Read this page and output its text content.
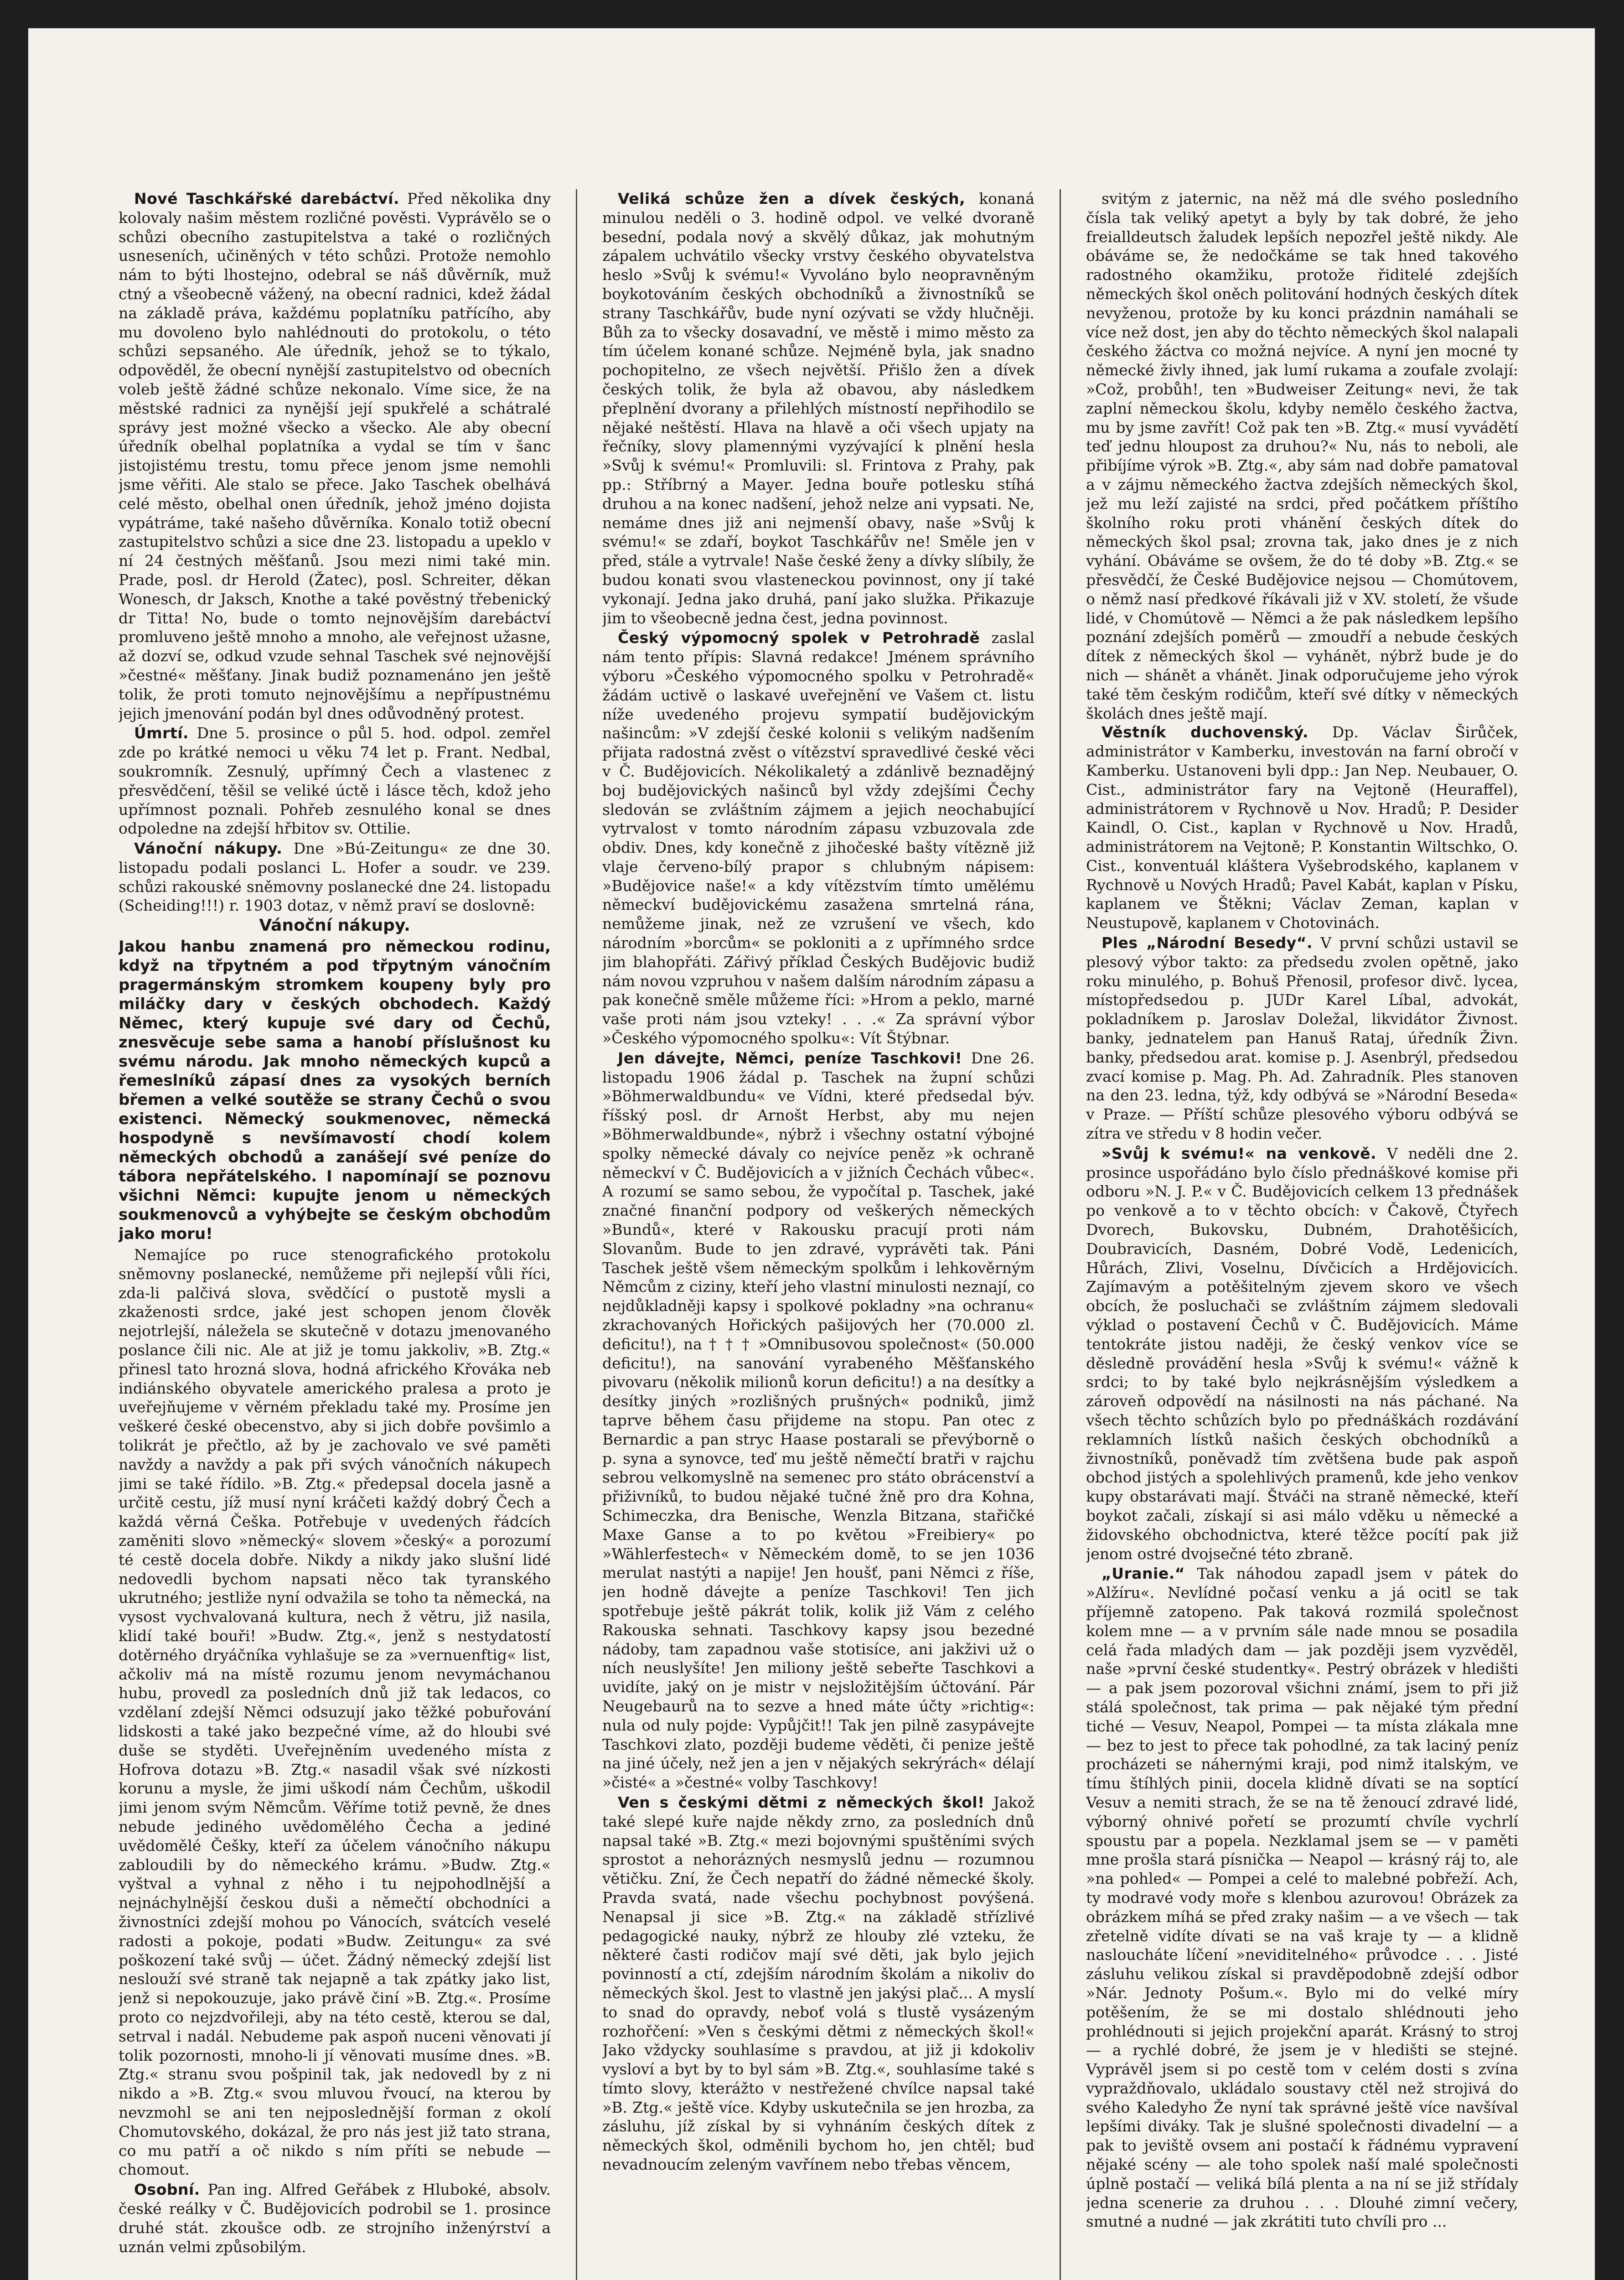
Nové Taschkářské darebáctví. Před několika dny kolovaly našim městem rozličné pověsti. Vyprávělo se o schůzi obecního zastupitelstva a také o rozličných usneseních, učiněných v této schůzi. Protože nemohlo nám to býti lhostejno, odebral se náš důvěrník, muž ctný a všeobecně vážený, na obecní radnici, kdež žádal na základě práva, každému poplatníku patřícího, aby mu dovoleno bylo nahlédnouti do protokolu, o této schůzi sepsaného. Ale úředník, jehož se to týkalo, odpověděl, že obecní nynější zastupitelstvo od obecních voleb ještě žádné schůze nekonalo. Víme sice, že na městské radnici za nynější její spukřelé a schátralé správy jest možné všecko a všecko. Ale aby obecní úředník obelhal poplatníka a vydal se tím v šanc jistojistému trestu, tomu přece jenom jsme nemohli jsme věřiti. Ale stalo se přece. Jako Taschek obelhává celé město, obelhal onen úředník, jehož jméno dojista vypátráme, také našeho důvěrníka. Konalo totiž obecní zastupitelstvo schůzi a sice dne 23. listopadu a upeklo v ní 24 čestných měšťanů. Jsou mezi nimi také min. Prade, posl. dr Herold (Žatec), posl. Schreiter, děkan Wonesch, dr Jaksch, Knothe a také pověstný třebenický dr Titta! No, bude o tomto nejnovějším darebáctví promluveno ještě mnoho a mnoho, ale veřejnost užasne, až dozví se, odkud vzude sehnal Taschek své nejnovější »čestné« měšťany. Jinak budiž poznamenáno jen ještě tolik, že proti tomuto nejnovějšímu a nepřípustnému jejich jmenování podán byl dnes odůvodněný protest.

Úmrtí. Dne 5. prosince o půl 5. hod. odpol. zemřel zde po krátké nemoci u věku 74 let p. Frant. Nedbal, soukromník. Zesnulý, upřímný Čech a vlastenec z přesvědčení, těšil se veliké úctě i lásce těch, kdož jeho upřímnost poznali. Pohřeb zesnulého konal se dnes odpoledne na zdejší hřbitov sv. Ottilie.

Vánoční nákupy. Dne »Bú-Zeitungu« ze dne 30. listopadu podali poslanci L. Hofer a soudr. ve 239. schůzi rakouské sněmovny poslanecké dne 24. listopadu (Scheiding!!!) r. 1903 dotaz, v němž praví se doslovně:

Vánoční nákupy.
Jakou hanbu znamená pro německou rodinu, když na třpytném a pod třpytným vánočním pragermánským stromkem koupeny byly pro miláčky dary v českých obchodech. Každý Němec, který kupuje své dary od Čechů, znesvěcuje sebe sama a hanobí příslušnost ku svému národu. Jak mnoho německých kupců a řemeslníků zápasí dnes za vysokých berních břemen a velké soutěže se strany Čechů o svou existenci. Německý soukmenovec, německá hospodyně s nevšímavostí chodí kolem německých obchodů a zanášejí své peníze do tábora nepřátelského. I napomínají se poznovu všichni Němci: kupujte jenom u německých soukmenovců a vyhýbejte se českým obchodům jako moru!

Nemajíce po ruce stenografického protokolu sněmovny poslanecké, nemůžeme při nejlepší vůli říci, zda-li palčivá slova, svědčící o pustotě mysli a zkaženosti srdce, jaké jest schopen jenom člověk nejotrlejší, náležela se skutečně v dotazu jmenovaného poslance čili nic. Ale at již je tomu jakkoliv, »B. Ztg.« přinesl tato hrozná slova, hodná afrického Křováka neb indiánského obyvatele amerického pralesa a proto je uveřejňujeme v věrném překladu také my. Prosíme jen veškeré české obecenstvo, aby si jich dobře povšimlo a tolikrát je přečtlo, až by je zachovalo ve své paměti navždy a navždy a pak při svých vánočních nákupech jimi se také řídilo. »B. Ztg.« předepsal docela jasně a určitě cestu, jíž musí nyní kráčeti každý dobrý Čech a každá věrná Češka. Potřebuje v uvedených řádcích zaměniti slovo »německý« slovem »český« a porozumí té cestě docela dobře. Nikdy a nikdy jako slušní lidé nedovedli bychom napsati něco tak tyranského ukrutného; jestliže nyní odvažila se toho ta německá, na vysost vychvalovaná kultura, nech ž větru, již nasila, klidí také bouři! »Budw. Ztg.«, jenž s nestydatostí dotěrného dryáčníka vyhlašuje se za »vernuenftig« list, ačkoliv má na místě rozumu jenom nevymáchanou hubu, provedl za posledních dnů již tak ledacos, co vzdělaní zdejší Němci odsuzují jako těžké pobuřování lidskosti a také jako bezpečné víme, až do hloubi své duše se styděti. Uveřejněním uvedeného místa z Hofrova dotazu »B. Ztg.« nasadil však své nízkosti korunu a mysle, že jimi uškodí nám Čechům, uškodil jimi jenom svým Němcům. Věříme totiž pevně, že dnes nebude jediného uvědomělého Čecha a jediné uvědomělé Češky, kteří za účelem vánočního nákupu zabloudili by do německého krámu. »Budw. Ztg.« vyštval a vyhnal z něho i tu nejpohodlnější a nejnáchylnější českou duši a němečtí obchodníci a živnostníci zdejší mohou po Vánocích, svátcích veselé radosti a pokoje, podati »Budw. Zeitungu« za své poškození také svůj — účet. Žádný německý zdejší list neslouží své straně tak nejapně a tak zpátky jako list, jenž si nepokouzuje, jako právě činí »B. Ztg.«. Prosíme proto co nejzdvořileji, aby na této cestě, kterou se dal, setrval i nadál. Nebudeme pak aspoň nuceni věnovati jí tolik pozornosti, mnoho-li jí věnovati musíme dnes. »B. Ztg.« stranu svou pošpinil tak, jak nedovedl by z ni nikdo a »B. Ztg.« svou mluvou řvoucí, na kterou by nevzmohl se ani ten nejposlednější forman z okolí Chomutovského, dokázal, že pro nás jest již tato strana, co mu patří a oč nikdo s ním příti se nebude — chomout.

Osobní. Pan ing. Alfred Geřábek z Hluboké, absolv. české reálky v Č. Budějovicích podrobil se 1. prosince druhé stát. zkoušce odb. ze strojního inženýrství a uznán velmi způsobilým.

Veliká schůze žen a dívek českých, konaná minulou neděli o 3. hodině odpol. ve velké dvoraně besední, podala nový a skvělý důkaz, jak mohutným zápalem uchvátilo všecky vrstvy českého obyvatelstva heslo »Svůj k svému!« Vyvoláno bylo neopravněným boykotováním českých obchodníků a živnostníků se strany Taschkářův, bude nyní ozývati se vždy hlučněji. Bůh za to všecky dosavadní, ve městě i mimo město za tím účelem konané schůze. Nejméně byla, jak snadno pochopitelno, ze všech největší. Přišlo žen a dívek českých tolik, že byla až obavou, aby následkem přeplnění dvorany a přilehlých místností nepřihodilo se nějaké neštěstí. Hlava na hlavě a oči všech upjaty na řečníky, slovy plamennými vyzývající k plnění hesla »Svůj k svému!« Promluvili: sl. Frintova z Prahy, pak pp.: Stříbrný a Mayer. Jedna bouře potlesku stíhá druhou a na konec nadšení, jehož nelze ani vypsati. Ne, nemáme dnes již ani nejmenší obavy, naše »Svůj k svému!« se zdaří, boykot Taschkářův ne! Směle jen v před, stále a vytrvale! Naše české ženy a dívky slíbily, že budou konati svou vlasteneckou povinnost, ony jí také vykonají. Jedna jako druhá, paní jako služka. Přikazuje jim to všeobecně jedna čest, jedna povinnost.

Český výpomocný spolek v Petrohradě zaslal nám tento přípis: Slavná redakce! Jménem správního výboru »Českého výpomocného spolku v Petrohradě« žádám uctivě o laskavé uveřejnění ve Vašem ct. listu níže uvedeného projevu sympatií budějovickým našincům: »V zdejší české kolonii s velikým nadšením přijata radostná zvěst o vítězství spravedlivé české věci v Č. Budějovicích. Nékolikaletý a zdánlivě beznadějný boj budějovických našinců byl vždy zdejšími Čechy sledován se zvláštním zájmem a jejich neochabující vytrvalost v tomto národním zápasu vzbuzovala zde obdiv. Dnes, kdy konečně z jihočeské bašty vítězně již vlaje červeno-bílý prapor s chlubným nápisem: »Budějovice naše!« a kdy vítězstvím tímto umělému německví budějovickému zasažena smrtelná rána, nemůžeme jinak, než ze vzrušení ve všech, kdo národním »borcům« se pokloniti a z upřímného srdce jim blahopřáti. Zářivý příklad Českých Budějovic budiž nám novou vzpruhou v našem dalším národním zápasu a pak konečně směle můžeme říci: »Hrom a peklo, marné vaše proti nám jsou vzteky! . . .« Za správní výbor »Českého výpomocného spolku«: Vít Štýbnar.

Jen dávejte, Němci, peníze Taschkovi! Dne 26. listopadu 1906 žádal p. Taschek na župní schůzi »Böhmerwaldbundu« ve Vídni, které předsedal býv. říšský posl. dr Arnošt Herbst, aby mu nejen »Böhmerwaldbunde«, nýbrž i všechny ostatní výbojné spolky německé dávaly co nejvíce peněz »k ochraně německví v Č. Budějovicích a v jižních Čechách vůbec«. A rozumí se samo sebou, že vypočítal p. Taschek, jaké značné finanční podpory od veškerých německých »Bundů«, které v Rakousku pracují proti nám Slovanům. Bude to jen zdravé, vyprávěti tak. Páni Taschek ještě všem německým spolkům i lehkověrným Němcům z ciziny, kteří jeho vlastní minulosti neznají, co nejdůkladněji kapsy i spolkové pokladny »na ochranu« zkrachovaných Hořických pašijových her (70.000 zl. deficitu!), na † † † »Omnibusovou společnost« (50.000 deficitu!), na sanování vyrabeného Měšťanského pivovaru (několik milionů korun deficitu!) a na desítky a desítky jiných »rozlišných prušných« podniků, jimž taprve během času přijdeme na stopu. Pan otec z Bernardic a pan stryc Haase postarali se převýborně o p. syna a synovce, teď mu ještě němečtí bratři v rajchu sebrou velkomyslně na semenec pro státo obrácenství a přiživníků, to budou nějaké tučné žně pro dra Kohna, Schimeczka, dra Benische, Wenzla Bitzana, stařičké Maxe Ganse a to po květou »Freibiery« po »Wählerfestech« v Německém domě, to se jen 1036 merulat nastýti a napije! Jen houšť, pani Němci z říše, jen hodně dávejte a peníze Taschkovi! Ten jich spotřebuje ještě pákrát tolik, kolik již Vám z celého Rakouska sehnati. Taschkovy kapsy jsou bezedné nádoby, tam zapadnou vaše stotisíce, ani jakživi už o ních neuslyšíte! Jen miliony ještě sebeřte Taschkovi a uvidíte, jaký on je mistr v nejsložitějším účtování. Pár Neugebaurů na to sezve a hned máte účty »richtig«: nula od nuly pojde: Vypůjčit!! Tak jen pilně zasypávejte Taschkovi zlato, později budeme věděti, či penize ještě na jiné účely, než jen a jen v nějakých sekrýrách« délají »čisté« a »čestné« volby Taschkovy!

Ven s českými dětmi z německých škol! Jakož také slepé kuře najde někdy zrno, za posledních dnů napsal také »B. Ztg.« mezi bojovnými spuštěními svých sprostot a nehorázných nesmyslů jednu — rozumnou větičku. Zní, že Čech nepatří do žádné německé školy. Pravda svatá, nade všechu pochybnost povýšená. Nenapsal ji sice »B. Ztg.« na základě střízlivé pedagogické nauky, nýbrž ze hlouby zlé vzteku, že některé časti rodičov mají své děti, jak bylo jejich povinností a ctí, zdejším národním školám a nikoliv do německých škol. Jest to vlastně jen jakýsi plač... A myslí to snad do opravdy, neboť volá s tlustě vysázeným rozhořčení: »Ven s českými dětmi z německých škol!« Jako vždycky souhlasíme s pravdou, at již ji kdokoliv vysloví a byt by to byl sám »B. Ztg.«, souhlasíme také s tímto slovy, kterážto v nestřežené chvílce napsal také »B. Ztg.« ještě více. Kdyby uskutečnila se jen hrozba, za zásluhu, jíž získal by si vyhnáním českých dítek z německých škol, odměnili bychom ho, jen chtěl; buď nevadnoucím zeleným vavřínem nebo třebas věncem,

svitým z jaternic, na něž má dle svého posledního čísla tak veliký apetyt a byly by tak dobré, že jeho freialldeutsch žaludek lepších nepozřel ještě nikdy. Ale obáváme se, že nedočkáme se tak hned takového radostného okamžiku, protože řiditelé zdejších německých škol oněch politování hodných českých dítek nevyženou, protože by ku konci prázdnin namáhali se více než dost, jen aby do těchto německých škol nalapali českého žáctva co možná nejvíce. A nyní jen mocné ty německé živly ihned, jak lumí rukama a zoufale zvolají: »Což, probůh!, ten »Budweiser Zeitung« nevi, že tak zaplní německou školu, kdyby nemělo českého žactva, mu by jsme zavřít! Což pak ten »B. Ztg.« musí vyvádětí teď jednu hloupost za druhou?« Nu, nás to neboli, ale přibíjíme výrok »B. Ztg.«, aby sám nad dobře pamatoval a v zájmu německého žactva zdejších německých škol, jež mu leží zajisté na srdci, před počátkem příštího školního roku proti vhánění českých dítek do německých škol psal; zrovna tak, jako dnes je z nich vyhání. Obáváme se ovšem, že do té doby »B. Ztg.« se přesvědčí, že České Budějovice nejsou — Chomútovem, o němž nasí předkové říkávali již v XV. století, že všude lidé, v Chomútově — Němci a že pak následkem lepšího poznání zdejších poměrů — zmoudří a nebude českých dítek z německých škol — vyhánět, nýbrž bude je do nich — shánět a vhánět. Jinak odporučujeme jeho výrok také těm českým rodičům, kteří své dítky v německých školách dnes ještě mají.

Věstník duchovenský. Dp. Václav Širůček, administrátor v Kamberku, investován na farní obročí v Kamberku. Ustanoveni byli dpp.: Jan Nep. Neubauer, O. Cist., administrátor fary na Vejtoně (Heuraffel), administrátorem v Rychnově u Nov. Hradů; P. Desider Kaindl, O. Cist., kaplan v Rychnově u Nov. Hradů, administrátorem na Vejtoně; P. Konstantin Wiltschko, O. Cist., konventuál kláštera Vyšebrodského, kaplanem v Rychnově u Nových Hradů; Pavel Kabát, kaplan v Písku, kaplanem ve Štěkni; Václav Zeman, kaplan v Neustupově, kaplanem v Chotovinách.

Ples „Národní Besedy“. V první schůzi ustavil se plesový výbor takto: za předsedu zvolen opětně, jako roku minulého, p. Bohuš Přenosil, profesor divč. lycea, místopředsedou p. JUDr Karel Líbal, advokát, pokladníkem p. Jaroslav Doležal, likvidátor Živnost. banky, jednatelem pan Hanuš Rataj, úředník Živn. banky, předsedou arat. komise p. J. Asenbrýl, předsedou zvací komise p. Mag. Ph. Ad. Zahradník. Ples stanoven na den 23. ledna, týž, kdy odbývá se »Národní Beseda« v Praze. — Příští schůze plesového výboru odbývá se zítra ve středu v 8 hodin večer.

»Svůj k svému!« na venkově. V neděli dne 2. prosince uspořádáno bylo číslo přednáškové komise při odboru »N. J. P.« v Č. Budějovicích celkem 13 přednášek po venkově a to v těchto obcích: v Čakově, Čtyřech Dvorech, Bukovsku, Dubném, Drahotěšicích, Doubravicích, Dasném, Dobré Vodě, Ledenicích, Hůrách, Zlivi, Voselnu, Dívčicích a Hrdějovicích. Zajímavým a potěšitelným zjevem skoro ve všech obcích, že posluchači se zvláštním zájmem sledovali výklad o postavení Čechů v Č. Budějovicích. Máme tentokráte jistou naději, že český venkov více se děsledně provádění hesla »Svůj k svému!« vážně k srdci; to by také bylo nejkrásnějším výsledkem a zároveň odpovědí na násilnosti na nás páchané. Na všech těchto schůzích bylo po přednáškách rozdávání reklamních lístků našich českých obchodníků a živnostníků, poněvadž tím zvětšena bude pak aspoň obchod jistých a spolehlivých pramenů, kde jeho venkov kupy obstarávati mají. Štváči na straně německé, kteří boykot začali, získají si asi málo vděku u německé a židovského obchodnictva, které těžce pocítí pak již jenom ostré dvojsečné této zbraně.

„Uranie.“ Tak náhodou zapadl jsem v pátek do »Alžíru«. Nevlídné počasí venku a já ocitl se tak příjemně zatopeno. Pak taková rozmilá společnost kolem mne — a v prvním sále nade mnou se posadila celá řada mladých dam — jak později jsem vyzvěděl, naše »první české studentky«. Pestrý obrázek v hledišti — a pak jsem pozoroval všichni známí, jsem to při již stálá společnost, tak prima — pak nějaké tým přední tiché — Vesuv, Neapol, Pompei — ta místa zlákala mne — bez to jest to přece tak pohodlné, za tak laciný peníz procházeti se náhernými kraji, pod nimž italským, ve tímu štíhlých pinii, docela klidně dívati se na soptící Vesuv a nemiti strach, že se na tě ženoucí zdravé lidé, výborný ohnivé pořetí se prozumtí chvíle vychrlí spoustu par a popela. Nezklamal jsem se — v paměti mne prošla stará písnička — Neapol — krásný ráj to, ale »na pohled« — Pompei a celé to malebné pobřeží. Ach, ty modravé vody moře s klenbou azurovou! Obrázek za obrázkem míhá se před zraky našim — a ve všech — tak zřetelně vidíte dívati se na vaš kraje ty — a klidně nasloucháte líčení »neviditelného« průvodce . . . Jisté zásluhu velikou získal si pravděpodobně zdejší odbor »Nár. Jednoty Pošum.«. Bylo mi do velké míry potěšením, že se mi dostalo shlédnouti jeho prohlédnouti si jejich projekční aparát. Krásný to stroj — a rychlé dobré, že jsem je v hledišti se stejné. Vyprávěl jsem si po cestě tom v celém dosti s zvína vypraždňovalo, ukládalo soustavy ctěl než strojivá do svého Kaledyho Že nyní tak správné ještě více navšíval lepšími diváky. Tak je slušné společnosti divadelní — a pak to jeviště ovsem ani postačí k řádnému vypravení nějaké scény — ale toho spolek naší malé společnosti úplně postačí — veliká bílá plenta a na ní se již střídaly jedna scenerie za druhou . . . Dlouhé zimní večery, smutné a nudné — jak zkrátiti tuto chvíli pro ...
